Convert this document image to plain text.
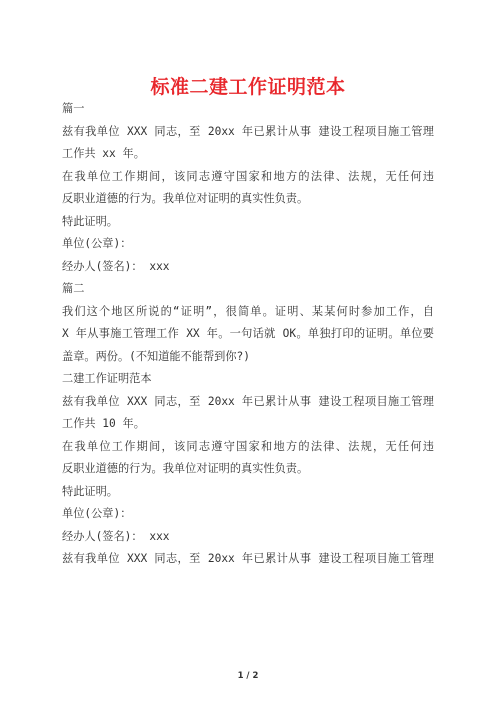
标准二建工作证明范本
篇一
兹有我单位 XXX 同志，至 20xx 年已累计从事 建设工程项目施工管理
工作共 xx 年。
在我单位工作期间，该同志遵守国家和地方的法律、法规，无任何违
反职业道德的行为。我单位对证明的真实性负责。
特此证明。
单位(公章)：
经办人(签名)： xxx
篇二
我们这个地区所说的“证明”，很简单。证明、某某何时参加工作，自
X 年从事施工管理工作 XX 年。一句话就 OK。单独打印的证明。单位要
盖章。两份。(不知道能不能帮到你?)
二建工作证明范本
兹有我单位 XXX 同志，至 20xx 年已累计从事 建设工程项目施工管理
工作共 10 年。
在我单位工作期间，该同志遵守国家和地方的法律、法规，无任何违
反职业道德的行为。我单位对证明的真实性负责。
特此证明。
单位(公章)：
经办人(签名)： xxx
兹有我单位 XXX 同志，至 20xx 年已累计从事 建设工程项目施工管理
1 / 2
